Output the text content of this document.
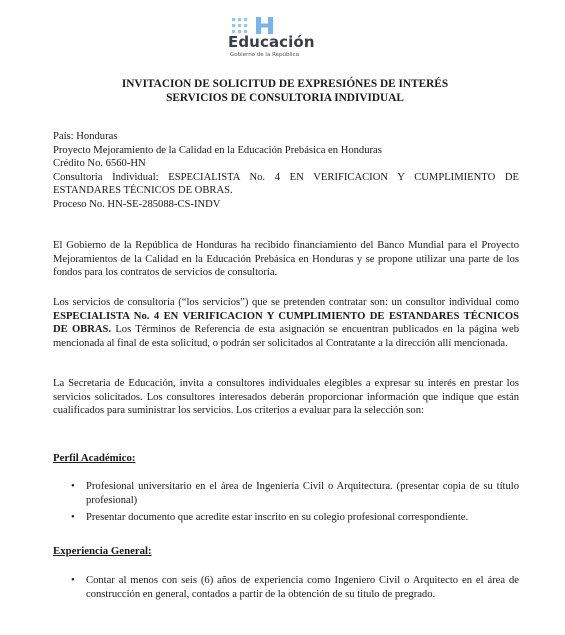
Educación
Gobierno de la República
INVITACION DE SOLICITUD DE EXPRESIÓNES DE INTERÉS
SERVICIOS DE CONSULTORIA INDIVIDUAL

País: Honduras

Proyecto Mejoramiento de la Calidad en la Educación Prebásica en Honduras

Crédito No. 6560-HN

Consultoria Individual: ESPECIALISTA No. 4 EN VERIFICACION Y CUMPLIMIENTO DE ESTANDARES TÉCNICOS DE OBRAS.

Proceso No. HN-SE-285088-CS-INDV

El Gobierno de la República de Honduras ha recibido financiamiento del Banco Mundial para el Proyecto Mejoramientos de la Calidad en la Educación Prebásica en Honduras y se propone utilizar una parte de los fondos para los contratos de servicios de consultoría.

Los servicios de consultoría (“los servicios”) que se pretenden contratar son: un consultor individual como ESPECIALISTA No. 4 EN VERIFICACION Y CUMPLIMIENTO DE ESTANDARES TÉCNICOS DE OBRAS. Los Términos de Referencia de esta asignación se encuentran publicados en la página web mencionada al final de esta solicitud, o podrán ser solicitados al Contratante a la dirección allí mencionada.

La Secretaria de Educación, invita a consultores individuales elegibles a expresar su interés en prestar los servicios solicitados. Los consultores interesados deberán proporcionar información que indique que están cualificados para suministrar los servicios. Los criterios a evaluar para la selección son:

Perfil Académico:
• Profesional universitario en el área de Ingeniería Civil o Arquitectura. (presentar copia de su título profesional)
• Presentar documento que acredite estar inscrito en su colegio profesional correspondiente.
Experiencia General:
• Contar al menos con seis (6) años de experiencia como Ingeniero Civil o Arquitecto en el área de construcción en general, contados a partir de la obtención de su titulo de pregrado.
